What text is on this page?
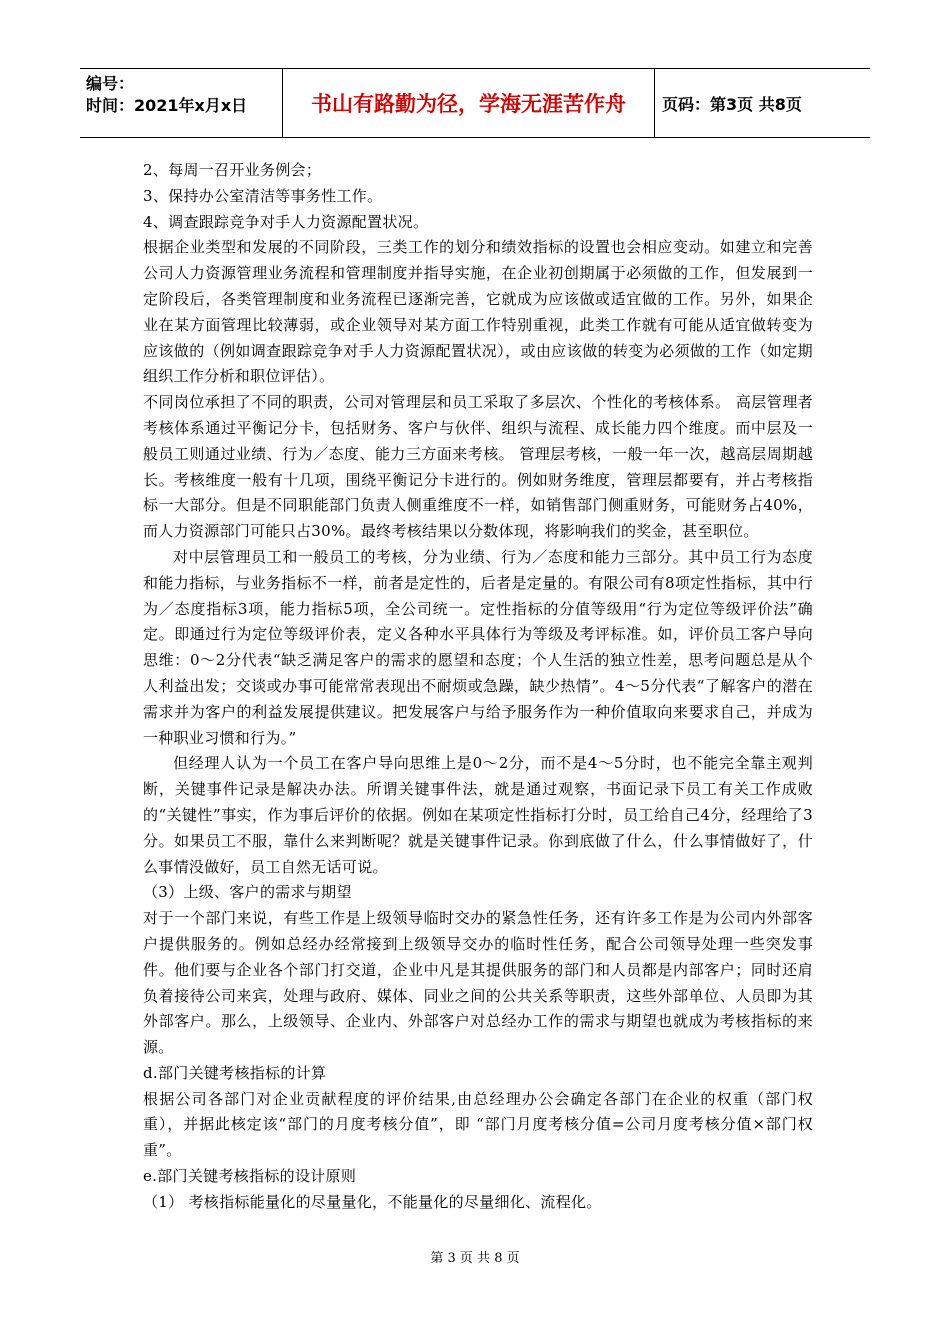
编号：
时间：2021年x月x日	书山有路勤为径，学海无涯苦作舟	页码：第3页 共8页

2、每周一召开业务例会；

3、保持办公室清洁等事务性工作。

4、调查跟踪竞争对手人力资源配置状况。

根据企业类型和发展的不同阶段，三类工作的划分和绩效指标的设置也会相应变动。如建立和完善公司人力资源管理业务流程和管理制度并指导实施，在企业初创期属于必须做的工作，但发展到一定阶段后，各类管理制度和业务流程已逐渐完善，它就成为应该做或适宜做的工作。另外，如果企业在某方面管理比较薄弱，或企业领导对某方面工作特别重视，此类工作就有可能从适宜做转变为应该做的（例如调查跟踪竞争对手人力资源配置状况），或由应该做的转变为必须做的工作（如定期组织工作分析和职位评估）。

不同岗位承担了不同的职责，公司对管理层和员工采取了多层次、个性化的考核体系。 高层管理者考核体系通过平衡记分卡，包括财务、客户与伙伴、组织与流程、成长能力四个维度。而中层及一般员工则通过业绩、行为／态度、能力三方面来考核。 管理层考核，一般一年一次，越高层周期越长。考核维度一般有十几项，围绕平衡记分卡进行的。例如财务维度，管理层都要有，并占考核指标一大部分。但是不同职能部门负责人侧重维度不一样，如销售部门侧重财务，可能财务占40%，而人力资源部门可能只占30%。最终考核结果以分数体现，将影响我们的奖金，甚至职位。

对中层管理员工和一般员工的考核，分为业绩、行为／态度和能力三部分。其中员工行为态度和能力指标，与业务指标不一样，前者是定性的，后者是定量的。有限公司有8项定性指标，其中行为／态度指标3项，能力指标5项，全公司统一。定性指标的分值等级用“行为定位等级评价法”确定。即通过行为定位等级评价表，定义各种水平具体行为等级及考评标准。如，评价员工客户导向思维：0～2分代表“缺乏满足客户的需求的愿望和态度；个人生活的独立性差，思考问题总是从个人利益出发；交谈或办事可能常常表现出不耐烦或急躁，缺少热情”。4～5分代表“了解客户的潜在需求并为客户的利益发展提供建议。把发展客户与给予服务作为一种价值取向来要求自己，并成为一种职业习惯和行为。”

但经理人认为一个员工在客户导向思维上是0～2分，而不是4～5分时，也不能完全靠主观判断，关键事件记录是解决办法。所谓关键事件法，就是通过观察，书面记录下员工有关工作成败的“关键性”事实，作为事后评价的依据。例如在某项定性指标打分时，员工给自己4分，经理给了3分。如果员工不服，靠什么来判断呢？就是关键事件记录。你到底做了什么，什么事情做好了，什么事情没做好，员工自然无话可说。

（3）上级、客户的需求与期望

对于一个部门来说，有些工作是上级领导临时交办的紧急性任务，还有许多工作是为公司内外部客户提供服务的。例如总经办经常接到上级领导交办的临时性任务，配合公司领导处理一些突发事件。他们要与企业各个部门打交道，企业中凡是其提供服务的部门和人员都是内部客户；同时还肩负着接待公司来宾，处理与政府、媒体、同业之间的公共关系等职责，这些外部单位、人员即为其外部客户。那么，上级领导、企业内、外部客户对总经办工作的需求与期望也就成为考核指标的来源。

d.部门关键考核指标的计算

根据公司各部门对企业贡献程度的评价结果,由总经理办公会确定各部门在企业的权重（部门权重），并据此核定该“部门的月度考核分值”，即 “部门月度考核分值=公司月度考核分值×部门权重”。

e.部门关键考核指标的设计原则

（1） 考核指标能量化的尽量量化，不能量化的尽量细化、流程化。

第 3 页 共 8 页
